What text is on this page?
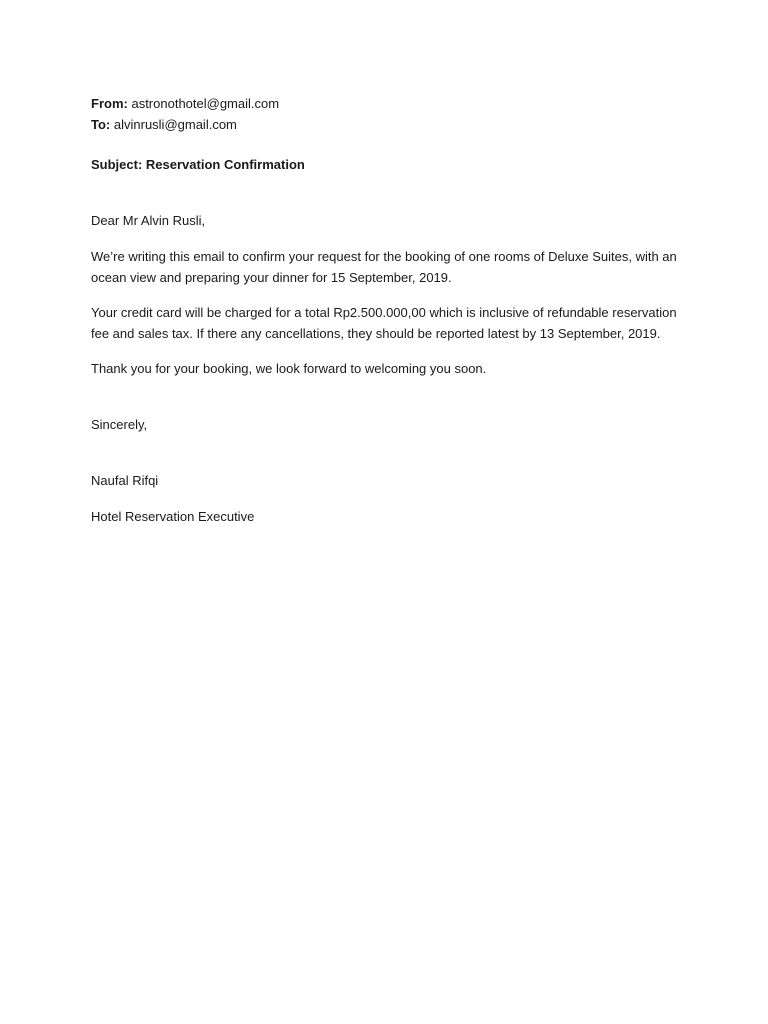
From: astronothotel@gmail.com
To: alvinrusli@gmail.com
Subject: Reservation Confirmation
Dear Mr Alvin Rusli,

We’re writing this email to confirm your request for the booking of one rooms of Deluxe Suites, with an ocean view and preparing your dinner for 15 September, 2019.

Your credit card will be charged for a total Rp2.500.000,00 which is inclusive of refundable reservation fee and sales tax. If there any cancellations, they should be reported latest by 13 September, 2019.

Thank you for your booking, we look forward to welcoming you soon.

Sincerely,
Naufal Rifqi
Hotel Reservation Executive
